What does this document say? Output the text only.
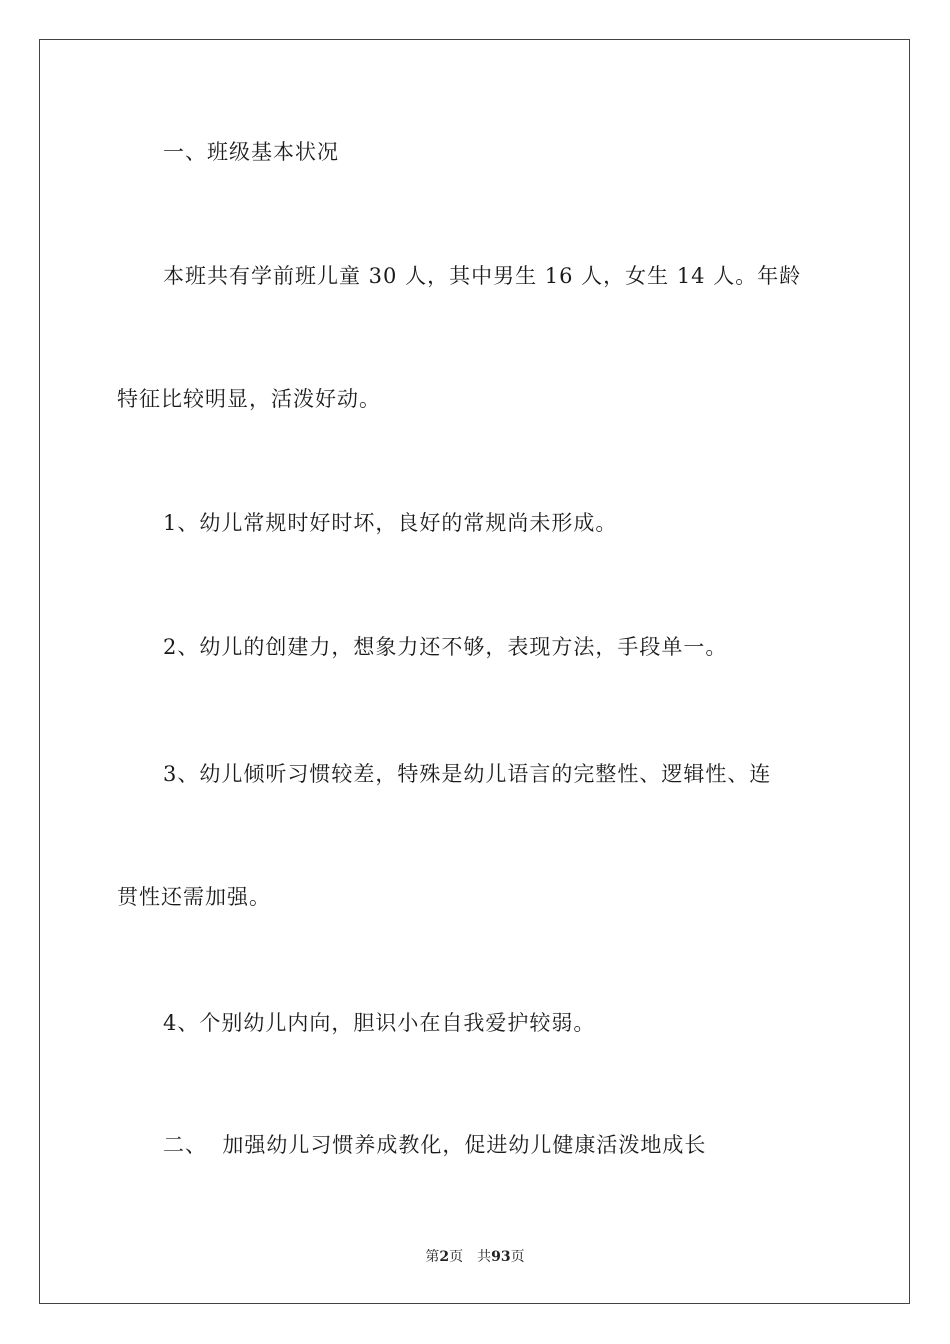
一、班级基本状况
本班共有学前班儿童 30 人，其中男生 16 人，女生 14 人。年龄
特征比较明显，活泼好动。
1、幼儿常规时好时坏，良好的常规尚未形成。
2、幼儿的创建力，想象力还不够，表现方法，手段单一。
3、幼儿倾听习惯较差，特殊是幼儿语言的完整性、逻辑性、连
贯性还需加强。
4、个别幼儿内向，胆识小在自我爱护较弱。
二、  加强幼儿习惯养成教化，促进幼儿健康活泼地成长
第2页 共93页
